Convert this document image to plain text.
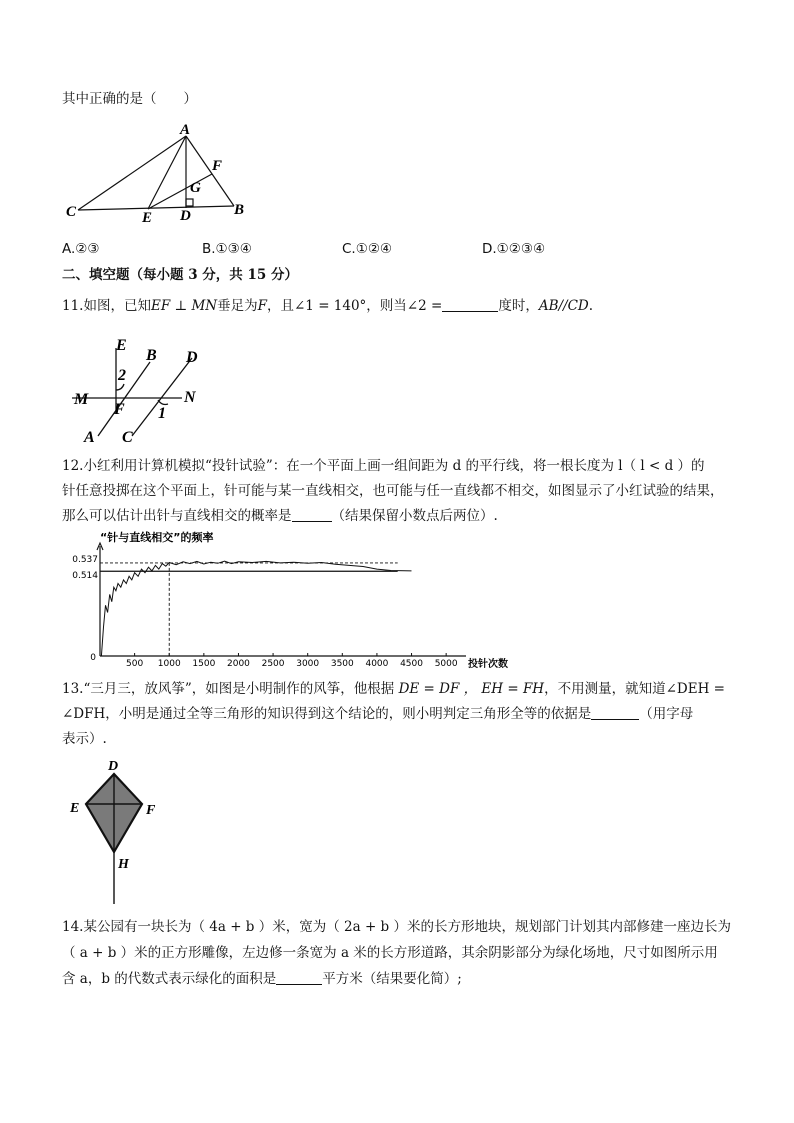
其中正确的是（　　）
A
F
G
C	E D	B
A.②③	B.①③④	C.①②④	D.①②③④
二、填空题（每小题 3 分，共 15 分）
11.如图，已知EF ⊥ MN垂足为F，且∠1 = 140°，则当∠2 =	度时，AB//CD.
E
B D
2
M
F
N
1
A C
12.小红利用计算机模拟“投针试验”：在一个平面上画一组间距为 d 的平行线，将一根长度为 l（ l < d ）的
针任意投掷在这个平面上，针可能与某一直线相交，也可能与任一直线都不相交，如图显示了小红试验的结果，
那么可以估计出针与直线相交的概率是	（结果保留小数点后两位）.
“针与直线相交”的频率
500 1000 1500 2000 2500 3000 3500 4000 4500 5000
0
0.537
0.514
投针次数
13.“三月三，放风筝”，如图是小明制作的风筝，他根据 DE = DF ， EH = FH，不用测量，就知道∠DEH =
∠DFH，小明是通过全等三角形的知识得到这个结论的，则小明判定三角形全等的依据是	（用字母
表示）.
D
E	F
H
14.某公园有一块长为（ 4a + b ）米，宽为（ 2a + b ）米的长方形地块，规划部门计划其内部修建一座边长为
（ a + b ）米的正方形雕像，左边修一条宽为 a 米的长方形道路，其余阴影部分为绿化场地，尺寸如图所示用
含 a，b 的代数式表示绿化的面积是	平方米（结果要化简）;
